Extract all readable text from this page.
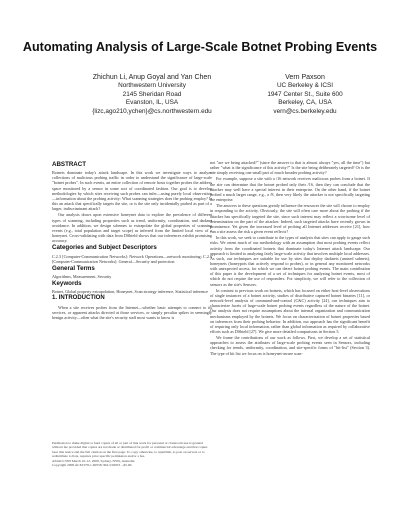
Automating Analysis of Large-Scale Botnet Probing Events
Zhichun Li, Anup Goyal and Yan Chen
Northwestern University
2145 Sheridan Road
Evanston, IL, USA
{lizc,ago210,ychen}@cs.northwestern.edu
Vern Paxson
UC Berkeley & ICSI
1947 Center St., Suite 600
Berkeley, CA, USA
vern@cs.berkeley.edu
ABSTRACT

Botnets dominate today's attack landscape. In this work we investigate ways to analyze collections of malicious probing traffic in order to understand the significance of large-scale "botnet probes". In such events, an entire collection of remote hosts together probes the address space monitored by a sensor in some sort of coordinated fashion. Our goal is to develop methodologies by which sites receiving such probes can infer—using purely local observation—information about the probing activity: What scanning strategies does the probing employ? Is this an attack that specifically targets the site, or is the site only incidentally probed as part of a larger, indiscriminant attack?

Our analysis draws upon extensive honeynet data to explore the prevalence of different types of scanning, including properties such as trend, uniformity, coordination, and darknet avoidance. In addition, we design schemes to extrapolate the global properties of scanning events (e.g., total population and target scope) as inferred from the limited local view of a honeynet. Cross-validating with data from DShield shows that our inferences exhibit promising accuracy.

Categories and Subject Descriptors

C.2.3 [Computer-Communication Networks]: Network Operations—network monitoring; C.2.0 [Computer-Communication Networks]: General—Security and protection

General Terms

Algorithms, Measurement, Security

Keywords

Botnet, Global property extrapolation, Honeynet, Scan strategy inference, Statistical inference

1. INTRODUCTION

When a site receives probes from the Internet—whether basic attempts to connect to its services, or apparent attacks directed at those services, or simply peculiar spikes in seemingly benign activity—often what the site's security staff most wants to know is

Permission to make digital or hard copies of all or part of this work for personal or classroom use is granted without fee provided that copies are not made or distributed for profit or commercial advantage and that copies bear this notice and the full citation on the first page. To copy otherwise, to republish, to post on servers or to redistribute to lists, requires prior specific permission and/or a fee.

ASIACCS'09 March 10-12, 2009, Sydney, NSW, Australia.

Copyright 2009 ACM 978-1-60558-394-5/09/03 ...$5.00.

not "are we being attacked?" (since the answer to that is almost always "yes, all the time") but rather "what is the significance of this activity?" Is the site being deliberately targeted? Or is the site simply receiving one small part of much broader probing activity?

For example, suppose a site with a /16 network receives malicious probes from a botnet. If the site can determine that the botnet probed only their /16, then they can conclude that the attacker may well have a special interest in their enterprise. On the other hand, if the botnet probed a much larger range, e.g., a /8, then very likely the attacker is not specifically targeting the enterprise.

The answers to these questions greatly influence the resources the site will choose to employ in responding to the activity. Obviously, the site will often care more about the probing if the attacker has specifically targeted the site, since such interest may reflect a worrisome level of determination on the part of the attacker. Indeed, such targeted attacks have recently grown in prominence. Yet given the increased level of probing all Internet addresses receive [21], how can a site assess the risk a given event reflects?

In this work, we seek to contribute to the types of analysis that sites can apply to gauge such risks. We orient much of our methodology with an assumption that most probing events reflect activity from the coordinated botnets that dominate today's Internet attack landscape. Our approach is limited to analyzing fairly large-scale activity that involves multiple local addresses. As such, our techniques are suitable for use by sites that deploy darknets (unused subnets), honeynets (honeypots that actively respond to probes), or in general any monitored networks with unexpected access, for which we can detect botnet probing events. The main contribution of this paper is the development of a set of techniques for analyzing botnet events, most of which do not require the use of responders. For simplicity, we will refer to the collection of sensors as the site's Sensors.

In contrast to previous work on botnets, which has focused on either host-level observations of single instances of a botnet activity, studies of distributive captured botnet binaries [11], or network-level analysis of command-and-control (C&C) activity [24], our techniques aim to characterize facets of large-scale botnet probing events regardless of the nature of the botnet. Our analysis does not require assumptions about the internal organization and communication mechanisms employed by the botnets. We focus on characterization of botnet properties based on inferences from their probing behavior. In addition, our approach has the significant benefit of requiring only local information, rather than global information as required by collaborative efforts such as DShield [27]. We give more detailed comparisons in Section 5.

We frame the contributions of our work as follows. First, we develop a set of statistical approaches to assess the attributes of large-scale probing events seen in Sensors, including checking for trends, uniformity, coordination, and site-specific forms of "hit-list" (Section 3). The type of hit list we focus on is honeynet-aware scan-
